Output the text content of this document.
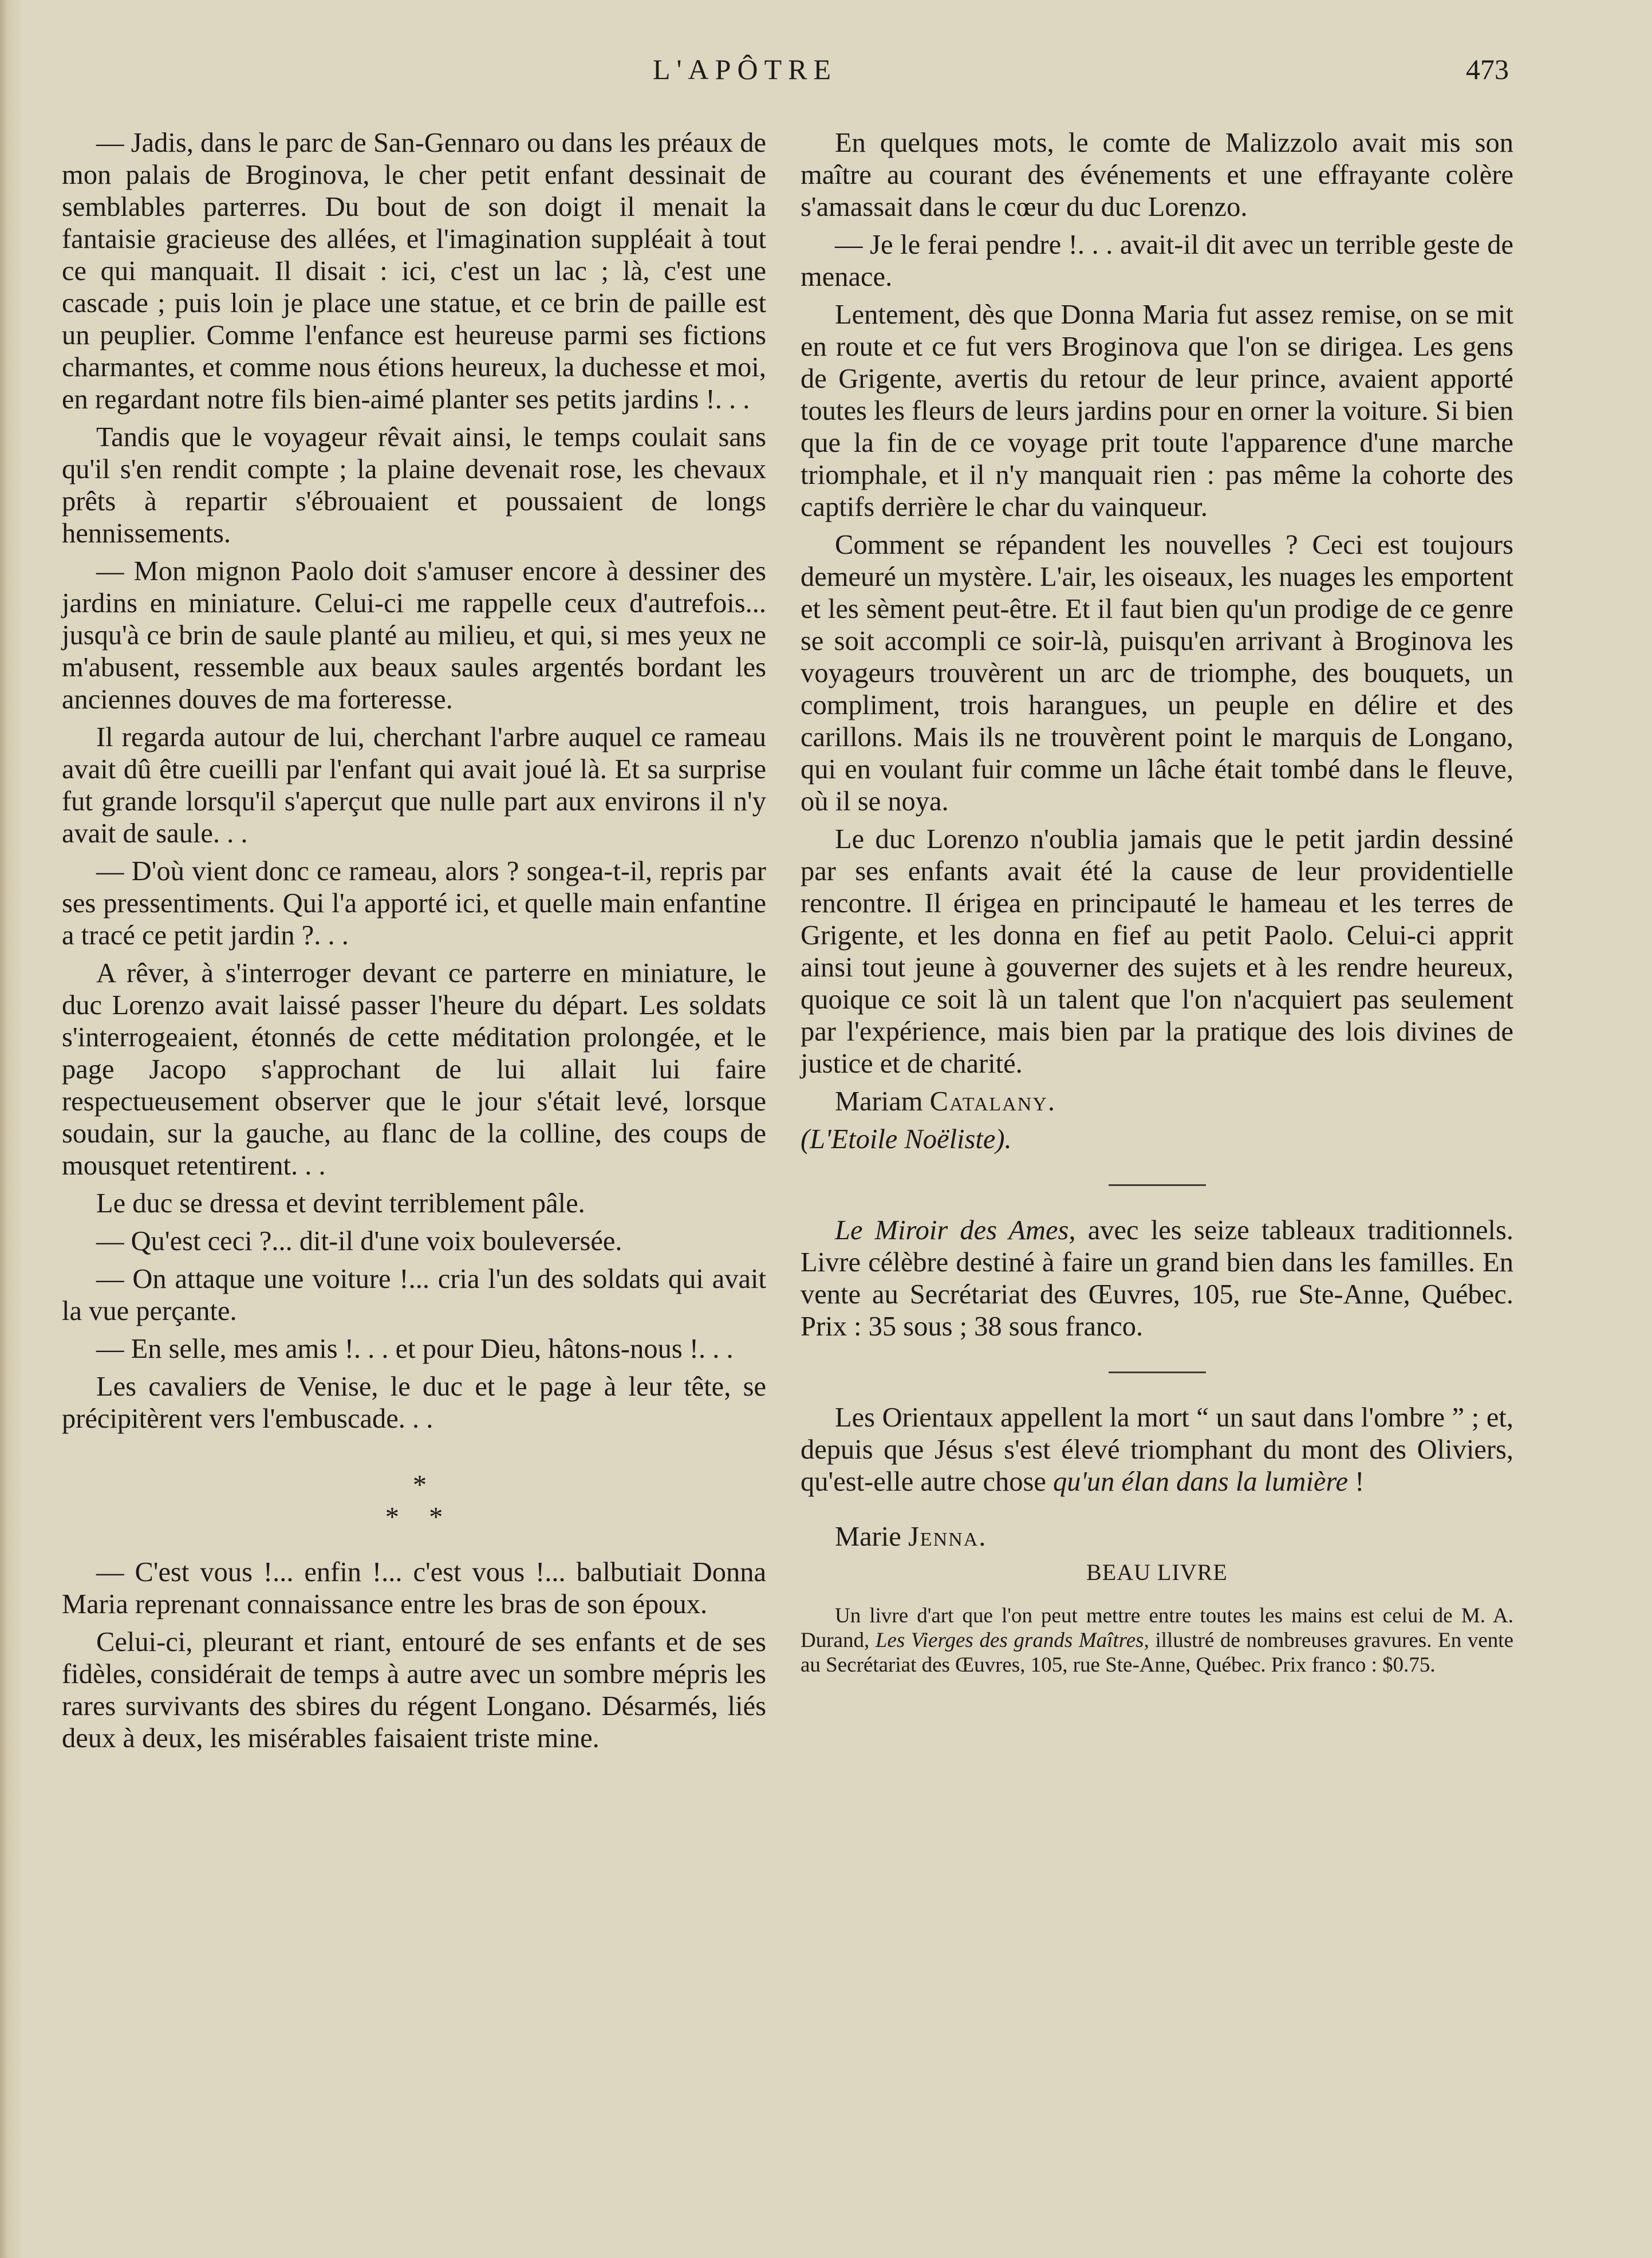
L'APÔTRE	473

— Jadis, dans le parc de San-Gennaro ou dans les préaux de mon palais de Broginova, le cher petit enfant dessinait de semblables parterres. Du bout de son doigt il menait la fantaisie gracieuse des allées, et l'imagination suppléait à tout ce qui manquait. Il disait : ici, c'est un lac ; là, c'est une cascade ; puis loin je place une statue, et ce brin de paille est un peuplier. Comme l'enfance est heureuse parmi ses fictions charmantes, et comme nous étions heureux, la duchesse et moi, en regardant notre fils bien-aimé planter ses petits jardins !. . .

Tandis que le voyageur rêvait ainsi, le temps coulait sans qu'il s'en rendit compte ; la plaine devenait rose, les chevaux prêts à repartir s'ébrouaient et poussaient de longs hennissements.

— Mon mignon Paolo doit s'amuser encore à dessiner des jardins en miniature. Celui-ci me rappelle ceux d'autrefois... jusqu'à ce brin de saule planté au milieu, et qui, si mes yeux ne m'abusent, ressemble aux beaux saules argentés bordant les anciennes douves de ma forteresse.

Il regarda autour de lui, cherchant l'arbre auquel ce rameau avait dû être cueilli par l'enfant qui avait joué là. Et sa surprise fut grande lorsqu'il s'aperçut que nulle part aux environs il n'y avait de saule. . .

— D'où vient donc ce rameau, alors ? songea-t-il, repris par ses pressentiments. Qui l'a apporté ici, et quelle main enfantine a tracé ce petit jardin ?. . .

A rêver, à s'interroger devant ce parterre en miniature, le duc Lorenzo avait laissé passer l'heure du départ. Les soldats s'interrogeaient, étonnés de cette méditation prolongée, et le page Jacopo s'approchant de lui allait lui faire respectueusement observer que le jour s'était levé, lorsque soudain, sur la gauche, au flanc de la colline, des coups de mousquet retentirent. . .

Le duc se dressa et devint terriblement pâle.

— Qu'est ceci ?... dit-il d'une voix bouleversée.

— On attaque une voiture !... cria l'un des soldats qui avait la vue perçante.

— En selle, mes amis !. . . et pour Dieu, hâtons-nous !. . .

Les cavaliers de Venise, le duc et le page à leur tête, se précipitèrent vers l'embuscade. . .

*
* *

— C'est vous !... enfin !... c'est vous !... balbutiait Donna Maria reprenant connaissance entre les bras de son époux.

Celui-ci, pleurant et riant, entouré de ses enfants et de ses fidèles, considérait de temps à autre avec un sombre mépris les rares survivants des sbires du régent Longano. Désarmés, liés deux à deux, les misérables faisaient triste mine.

En quelques mots, le comte de Malizzolo avait mis son maître au courant des événements et une effrayante colère s'amassait dans le cœur du duc Lorenzo.

— Je le ferai pendre !. . . avait-il dit avec un terrible geste de menace.

Lentement, dès que Donna Maria fut assez remise, on se mit en route et ce fut vers Broginova que l'on se dirigea. Les gens de Grigente, avertis du retour de leur prince, avaient apporté toutes les fleurs de leurs jardins pour en orner la voiture. Si bien que la fin de ce voyage prit toute l'apparence d'une marche triomphale, et il n'y manquait rien : pas même la cohorte des captifs derrière le char du vainqueur.

Comment se répandent les nouvelles ? Ceci est toujours demeuré un mystère. L'air, les oiseaux, les nuages les emportent et les sèment peut-être. Et il faut bien qu'un prodige de ce genre se soit accompli ce soir-là, puisqu'en arrivant à Broginova les voyageurs trouvèrent un arc de triomphe, des bouquets, un compliment, trois harangues, un peuple en délire et des carillons. Mais ils ne trouvèrent point le marquis de Longano, qui en voulant fuir comme un lâche était tombé dans le fleuve, où il se noya.

Le duc Lorenzo n'oublia jamais que le petit jardin dessiné par ses enfants avait été la cause de leur providentielle rencontre. Il érigea en principauté le hameau et les terres de Grigente, et les donna en fief au petit Paolo. Celui-ci apprit ainsi tout jeune à gouverner des sujets et à les rendre heureux, quoique ce soit là un talent que l'on n'acquiert pas seulement par l'expérience, mais bien par la pratique des lois divines de justice et de charité.

Mariam Catalany.

(L'Etoile Noëliste).

Le Miroir des Ames, avec les seize tableaux traditionnels. Livre célèbre destiné à faire un grand bien dans les familles. En vente au Secrétariat des Œuvres, 105, rue Ste-Anne, Québec. Prix : 35 sous ; 38 sous franco.

Les Orientaux appellent la mort “ un saut dans l'ombre ” ; et, depuis que Jésus s'est élevé triomphant du mont des Oliviers, qu'est-elle autre chose qu'un élan dans la lumière !

Marie Jenna.

BEAU LIVRE

Un livre d'art que l'on peut mettre entre toutes les mains est celui de M. A. Durand, Les Vierges des grands Maîtres, illustré de nombreuses gravures. En vente au Secrétariat des Œuvres, 105, rue Ste-Anne, Québec. Prix franco : $0.75.
